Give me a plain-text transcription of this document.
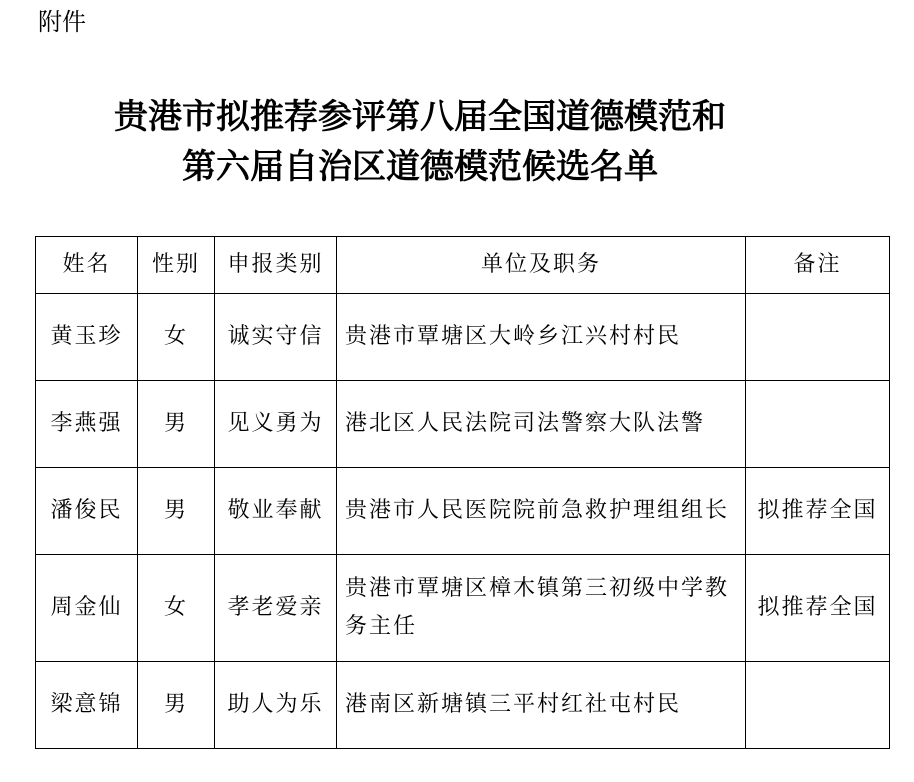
附件
贵港市拟推荐参评第八届全国道德模范和
第六届自治区道德模范候选名单
姓名	性别	申报类别	单位及职务	备注
黄玉珍	女	诚实守信	贵港市覃塘区大岭乡江兴村村民	
李燕强	男	见义勇为	港北区人民法院司法警察大队法警	
潘俊民	男	敬业奉献	贵港市人民医院院前急救护理组组长	拟推荐全国
周金仙	女	孝老爱亲	贵港市覃塘区樟木镇第三初级中学教务主任	拟推荐全国
梁意锦	男	助人为乐	港南区新塘镇三平村红社屯村民	
